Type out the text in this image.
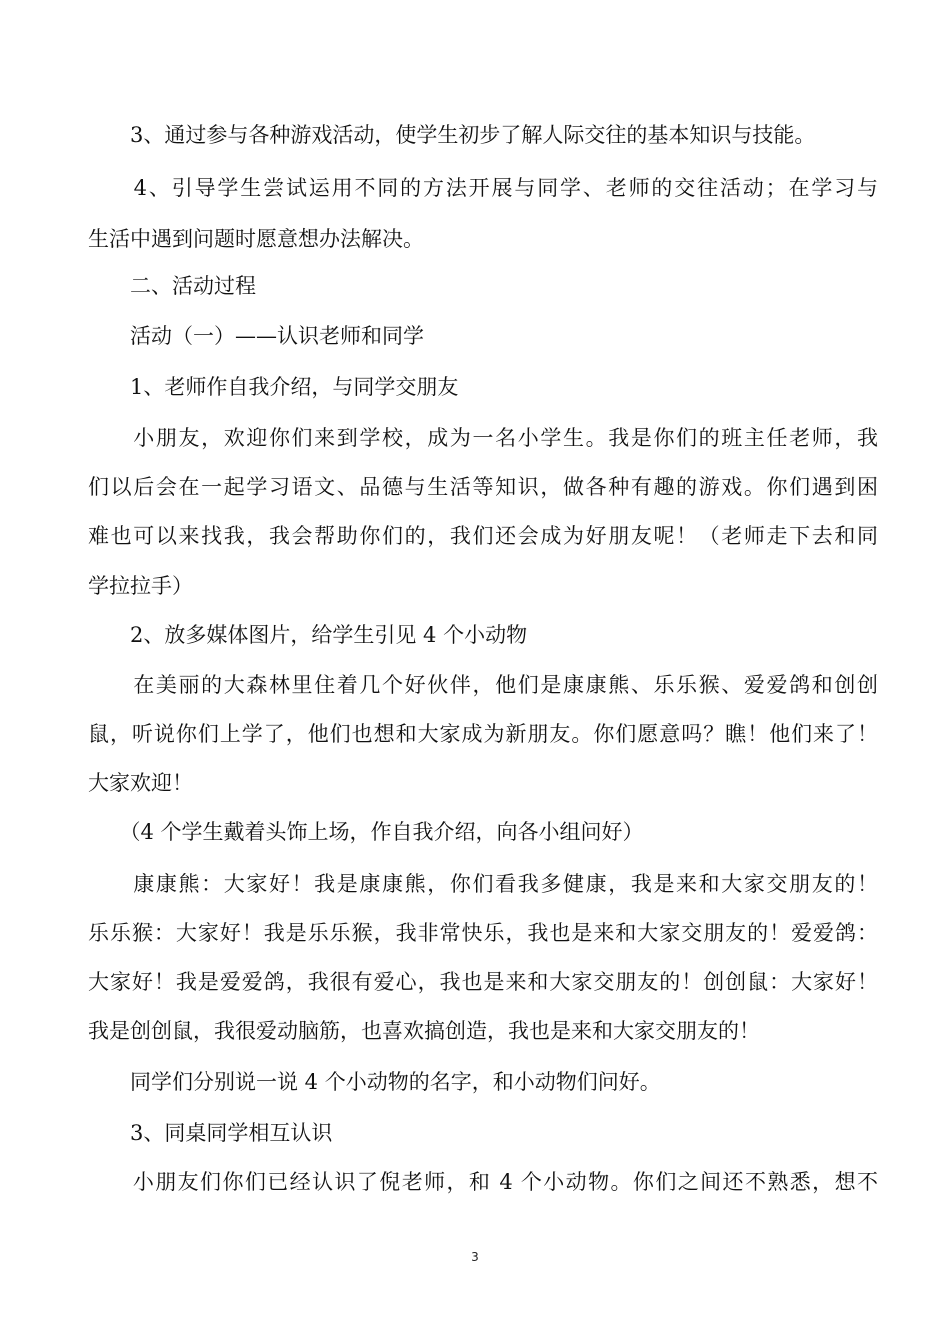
　　3、通过参与各种游戏活动，使学生初步了解人际交往的基本知识与技能。
　　4、引导学生尝试运用不同的方法开展与同学、老师的交往活动；在学习与
生活中遇到问题时愿意想办法解决。
　　二、活动过程
　　活动（一）——认识老师和同学
　　1、老师作自我介绍，与同学交朋友
　　小朋友，欢迎你们来到学校，成为一名小学生。我是你们的班主任老师，我
们以后会在一起学习语文、品德与生活等知识，做各种有趣的游戏。你们遇到困
难也可以来找我，我会帮助你们的，我们还会成为好朋友呢！（老师走下去和同
学拉拉手）
　　2、放多媒体图片，给学生引见 4 个小动物
　　在美丽的大森林里住着几个好伙伴，他们是康康熊、乐乐猴、爱爱鸽和创创
鼠，听说你们上学了，他们也想和大家成为新朋友。你们愿意吗？瞧！他们来了！
大家欢迎！
　　（4 个学生戴着头饰上场，作自我介绍，向各小组问好）
　　康康熊：大家好！我是康康熊，你们看我多健康，我是来和大家交朋友的！
乐乐猴：大家好！我是乐乐猴，我非常快乐，我也是来和大家交朋友的！爱爱鸽：
大家好！我是爱爱鸽，我很有爱心，我也是来和大家交朋友的！创创鼠：大家好！
我是创创鼠，我很爱动脑筋，也喜欢搞创造，我也是来和大家交朋友的！
　　同学们分别说一说 4 个小动物的名字，和小动物们问好。
　　3、同桌同学相互认识
　　小朋友们你们已经认识了倪老师，和 4 个小动物。你们之间还不熟悉，想不
3
